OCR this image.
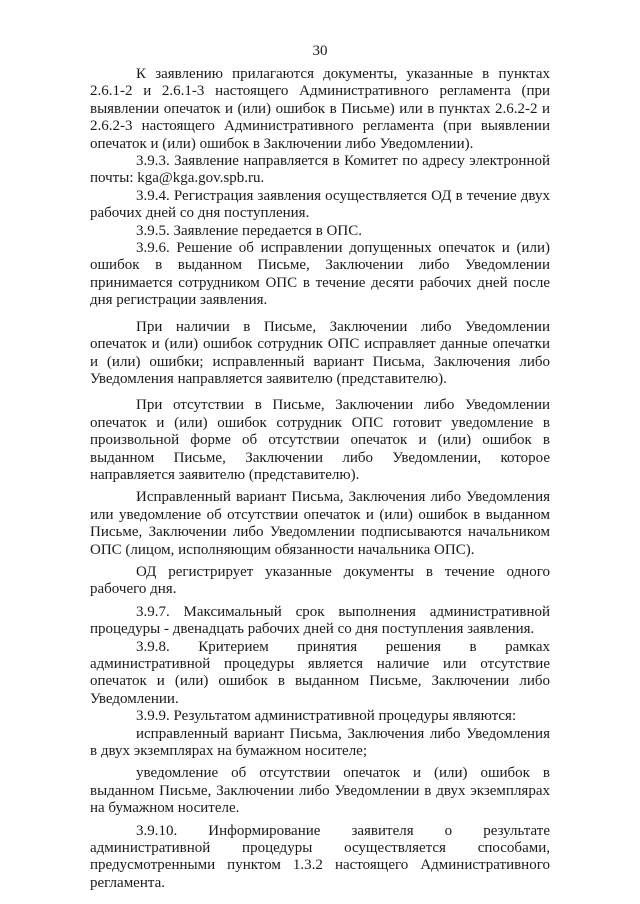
30

К заявлению прилагаются документы, указанные в пунктах 2.6.1-2 и 2.6.1-3 настоящего Административного регламента (при выявлении опечаток и (или) ошибок в Письме) или в пунктах 2.6.2-2 и 2.6.2-3 настоящего Административного регламента (при выявлении опечаток и (или) ошибок в Заключении либо Уведомлении).

3.9.3. Заявление направляется в Комитет по адресу электронной почты: kga@kga.gov.spb.ru.

3.9.4. Регистрация заявления осуществляется ОД в течение двух рабочих дней со дня поступления.

3.9.5. Заявление передается в ОПС.

3.9.6. Решение об исправлении допущенных опечаток и (или) ошибок в выданном Письме, Заключении либо Уведомлении принимается сотрудником ОПС в течение десяти рабочих дней после дня регистрации заявления.

При наличии в Письме, Заключении либо Уведомлении опечаток и (или) ошибок сотрудник ОПС исправляет данные опечатки и (или) ошибки; исправленный вариант Письма, Заключения либо Уведомления направляется заявителю (представителю).

При отсутствии в Письме, Заключении либо Уведомлении опечаток и (или) ошибок сотрудник ОПС готовит уведомление в произвольной форме об отсутствии опечаток и (или) ошибок в выданном Письме, Заключении либо Уведомлении, которое направляется заявителю (представителю).

Исправленный вариант Письма, Заключения либо Уведомления или уведомление об отсутствии опечаток и (или) ошибок в выданном Письме, Заключении либо Уведомлении подписываются начальником ОПС (лицом, исполняющим обязанности начальника ОПС).

ОД регистрирует указанные документы в течение одного рабочего дня.

3.9.7. Максимальный срок выполнения административной процедуры - двенадцать рабочих дней со дня поступления заявления.

3.9.8. Критерием принятия решения в рамках административной процедуры является наличие или отсутствие опечаток и (или) ошибок в выданном Письме, Заключении либо Уведомлении.

3.9.9. Результатом административной процедуры являются:

исправленный вариант Письма, Заключения либо Уведомления в двух экземплярах на бумажном носителе;

уведомление об отсутствии опечаток и (или) ошибок в выданном Письме, Заключении либо Уведомлении в двух экземплярах на бумажном носителе.

3.9.10. Информирование заявителя о результате административной процедуры осуществляется способами, предусмотренными пунктом 1.3.2 настоящего Административного регламента.
